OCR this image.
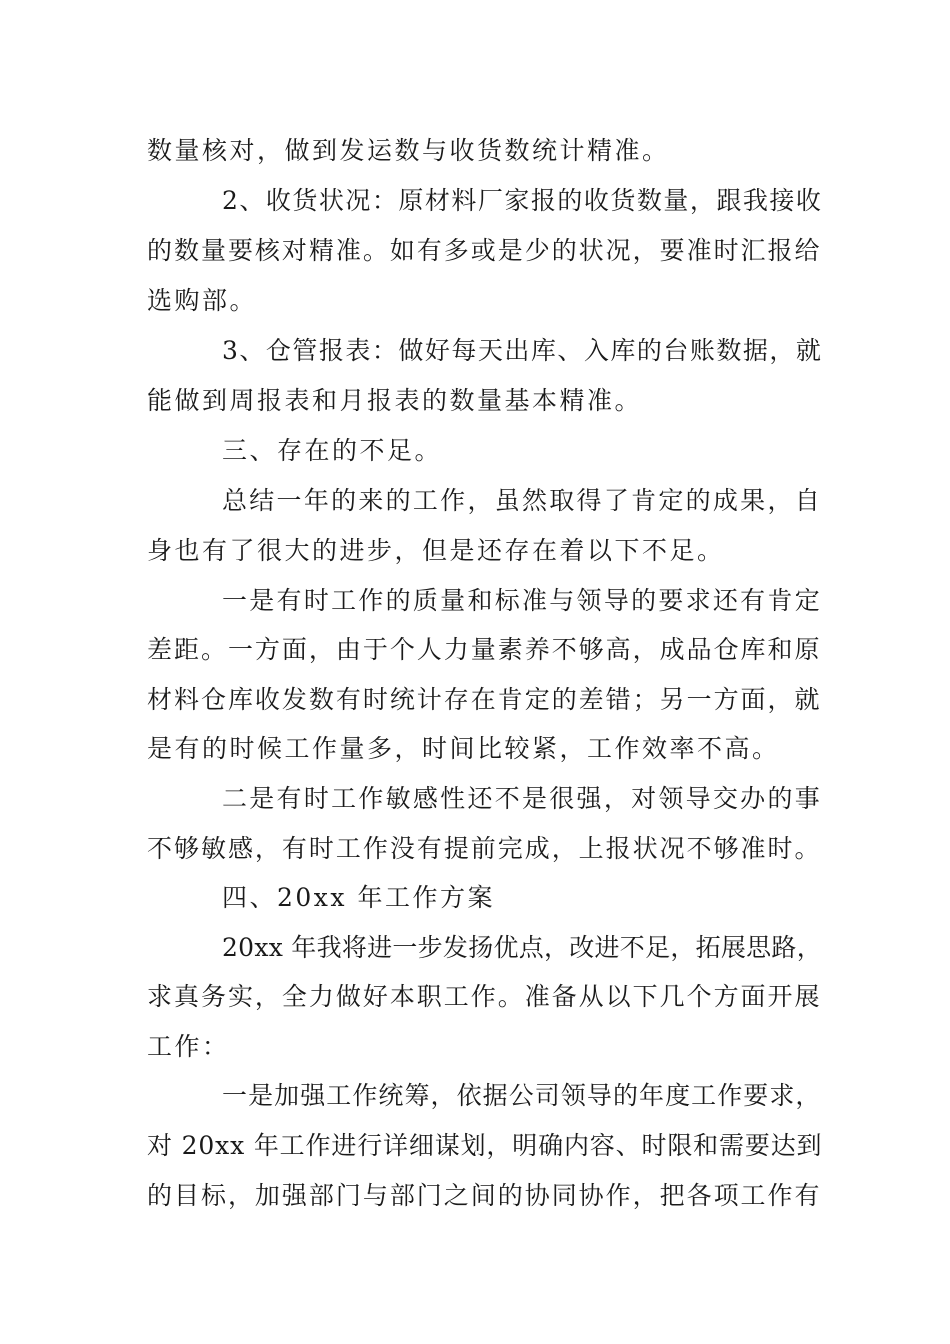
数量核对，做到发运数与收货数统计精准。
2、收货状况：原材料厂家报的收货数量，跟我接收
的数量要核对精准。如有多或是少的状况，要准时汇报给
选购部。
3、仓管报表：做好每天出库、入库的台账数据，就
能做到周报表和月报表的数量基本精准。
三、存在的不足。
总结一年的来的工作，虽然取得了肯定的成果，自
身也有了很大的进步，但是还存在着以下不足。
一是有时工作的质量和标准与领导的要求还有肯定
差距。一方面，由于个人力量素养不够高，成品仓库和原
材料仓库收发数有时统计存在肯定的差错；另一方面，就
是有的时候工作量多，时间比较紧，工作效率不高。
二是有时工作敏感性还不是很强，对领导交办的事
不够敏感，有时工作没有提前完成，上报状况不够准时。
四、20xx 年工作方案
20xx 年我将进一步发扬优点，改进不足，拓展思路，
求真务实，全力做好本职工作。准备从以下几个方面开展
工作：
一是加强工作统筹，依据公司领导的年度工作要求，
对 20xx 年工作进行详细谋划，明确内容、时限和需要达到
的目标，加强部门与部门之间的协同协作，把各项工作有
